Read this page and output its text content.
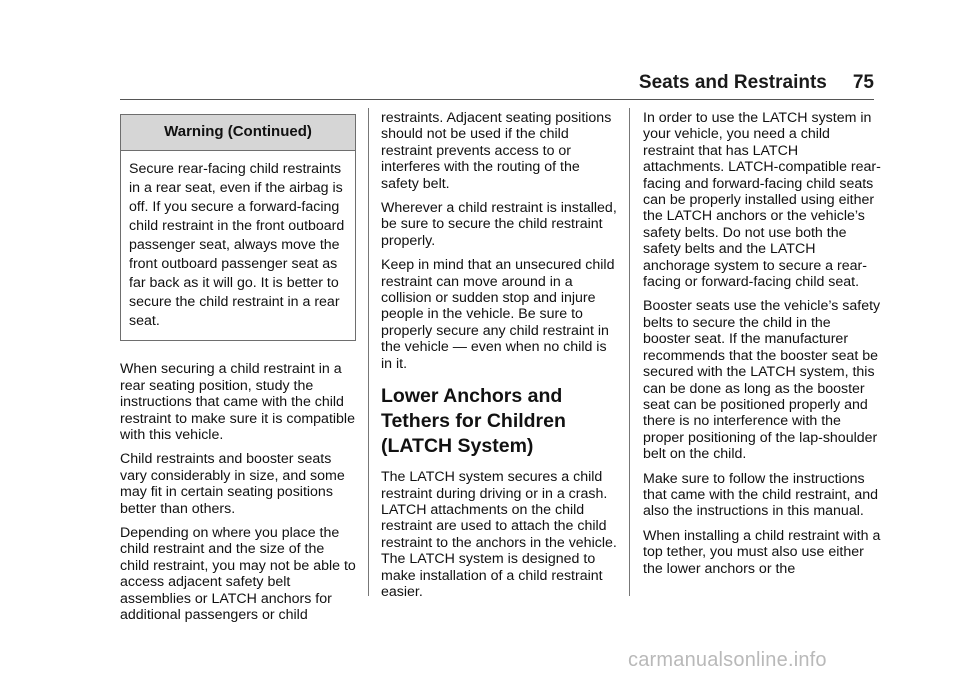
Seats and Restraints 75
Warning (Continued)
Secure rear-facing child restraints in a rear seat, even if the airbag is off. If you secure a forward-facing child restraint in the front outboard passenger seat, always move the front outboard passenger seat as far back as it will go. It is better to secure the child restraint in a rear seat.

When securing a child restraint in a rear seating position, study the instructions that came with the child restraint to make sure it is compatible with this vehicle.

Child restraints and booster seats vary considerably in size, and some may fit in certain seating positions better than others.

Depending on where you place the child restraint and the size of the child restraint, you may not be able to access adjacent safety belt assemblies or LATCH anchors for additional passengers or child

restraints. Adjacent seating positions should not be used if the child restraint prevents access to or interferes with the routing of the safety belt.

Wherever a child restraint is installed, be sure to secure the child restraint properly.

Keep in mind that an unsecured child restraint can move around in a collision or sudden stop and injure people in the vehicle. Be sure to properly secure any child restraint in the vehicle — even when no child is in it.

Lower Anchors and
Tethers for Children
(LATCH System)

The LATCH system secures a child restraint during driving or in a crash. LATCH attachments on the child restraint are used to attach the child restraint to the anchors in the vehicle. The LATCH system is designed to make installation of a child restraint easier.

In order to use the LATCH system in your vehicle, you need a child restraint that has LATCH attachments. LATCH-compatible rear-facing and forward-facing child seats can be properly installed using either the LATCH anchors or the vehicle’s safety belts. Do not use both the safety belts and the LATCH anchorage system to secure a rear-facing or forward-facing child seat.

Booster seats use the vehicle’s safety belts to secure the child in the booster seat. If the manufacturer recommends that the booster seat be secured with the LATCH system, this can be done as long as the booster seat can be positioned properly and there is no interference with the proper positioning of the lap-shoulder belt on the child.

Make sure to follow the instructions that came with the child restraint, and also the instructions in this manual.

When installing a child restraint with a top tether, you must also use either the lower anchors or the

carmanualsonline.info
